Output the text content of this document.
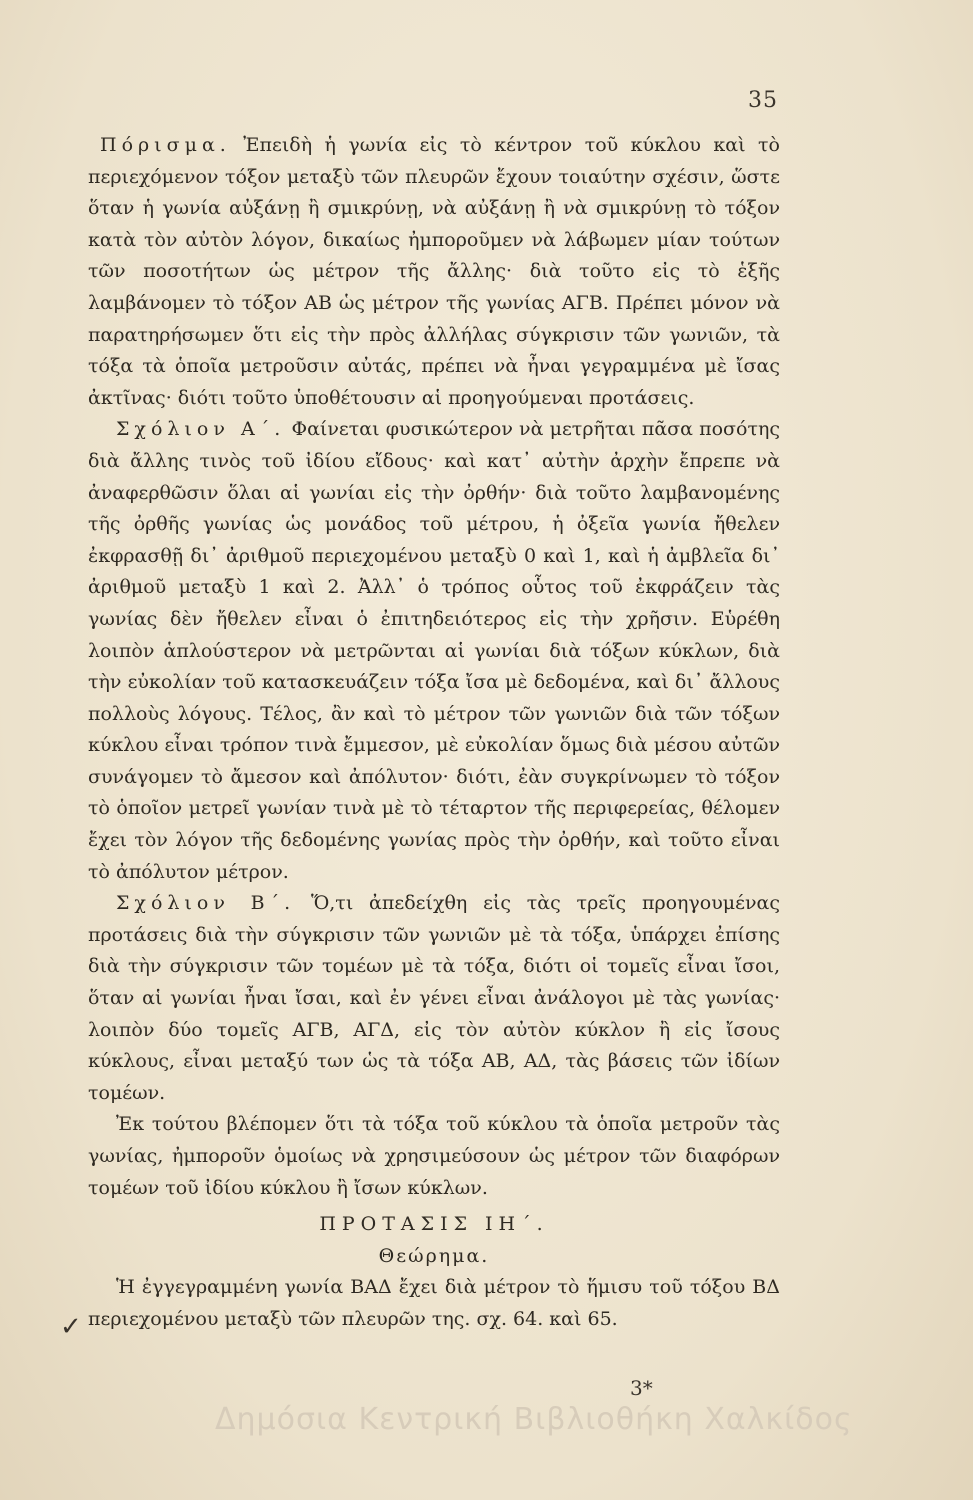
35

Πόρισμα. Ἐπειδὴ ἡ γωνία εἰς τὸ κέντρον τοῦ κύκλου καὶ τὸ περιεχόμενον τόξον μεταξὺ τῶν πλευρῶν ἔχουν τοιαύτην σχέσιν, ὥστε ὅταν ἡ γωνία αὐξάνῃ ἢ σμικρύνῃ, νὰ αὐξάνῃ ἢ νὰ σμικρύνῃ τὸ τόξον κατὰ τὸν αὐτὸν λόγον, δικαίως ἠμποροῦμεν νὰ λάβωμεν μίαν τούτων τῶν ποσοτήτων ὡς μέτρον τῆς ἄλλης· διὰ τοῦτο εἰς τὸ ἑξῆς λαμβάνομεν τὸ τόξον ΑΒ ὡς μέτρον τῆς γωνίας ΑΓΒ. Πρέπει μόνον νὰ παρατηρήσωμεν ὅτι εἰς τὴν πρὸς ἀλλήλας σύγκρισιν τῶν γωνιῶν, τὰ τόξα τὰ ὁποῖα μετροῦσιν αὐτάς, πρέπει νὰ ἦναι γεγραμμένα μὲ ἴσας ἀκτῖνας· διότι τοῦτο ὑποθέτουσιν αἱ προηγούμεναι προτάσεις.

Σχόλιον Α΄. Φαίνεται φυσικώτερον νὰ μετρῆται πᾶσα ποσότης διὰ ἄλλης τινὸς τοῦ ἰδίου εἴδους· καὶ κατ᾽ αὐτὴν ἀρχὴν ἔπρεπε νὰ ἀναφερθῶσιν ὅλαι αἱ γωνίαι εἰς τὴν ὀρθήν· διὰ τοῦτο λαμβανομένης τῆς ὀρθῆς γωνίας ὡς μονάδος τοῦ μέτρου, ἡ ὀξεῖα γωνία ἤθελεν ἐκφρασθῇ δι᾽ ἀριθμοῦ περιεχομένου μεταξὺ 0 καὶ 1, καὶ ἡ ἀμβλεῖα δι᾽ ἀριθμοῦ μεταξὺ 1 καὶ 2. Ἀλλ᾽ ὁ τρόπος οὗτος τοῦ ἐκφράζειν τὰς γωνίας δὲν ἤθελεν εἶναι ὁ ἐπιτηδειότερος εἰς τὴν χρῆσιν. Εὑρέθη λοιπὸν ἁπλούστερον νὰ μετρῶνται αἱ γωνίαι διὰ τόξων κύκλων, διὰ τὴν εὐκολίαν τοῦ κατασκευάζειν τόξα ἴσα μὲ δεδομένα, καὶ δι᾽ ἄλλους πολλοὺς λόγους. Τέλος, ἂν καὶ τὸ μέτρον τῶν γωνιῶν διὰ τῶν τόξων κύκλου εἶναι τρόπον τινὰ ἔμμεσον, μὲ εὐκολίαν ὅμως διὰ μέσου αὐτῶν συνάγομεν τὸ ἄμεσον καὶ ἀπόλυτον· διότι, ἐὰν συγκρίνωμεν τὸ τόξον τὸ ὁποῖον μετρεῖ γωνίαν τινὰ μὲ τὸ τέταρτον τῆς περιφερείας, θέλομεν ἔχει τὸν λόγον τῆς δεδομένης γωνίας πρὸς τὴν ὀρθήν, καὶ τοῦτο εἶναι τὸ ἀπόλυτον μέτρον.

Σχόλιον Β΄. Ὅ,τι ἀπεδείχθη εἰς τὰς τρεῖς προηγουμένας προτάσεις διὰ τὴν σύγκρισιν τῶν γωνιῶν μὲ τὰ τόξα, ὑπάρχει ἐπίσης διὰ τὴν σύγκρισιν τῶν τομέων μὲ τὰ τόξα, διότι οἱ τομεῖς εἶναι ἴσοι, ὅταν αἱ γωνίαι ἦναι ἴσαι, καὶ ἐν γένει εἶναι ἀνάλογοι μὲ τὰς γωνίας· λοιπὸν δύο τομεῖς ΑΓΒ, ΑΓΔ, εἰς τὸν αὐτὸν κύκλον ἢ εἰς ἴσους κύκλους, εἶναι μεταξύ των ὡς τὰ τόξα ΑΒ, ΑΔ, τὰς βάσεις τῶν ἰδίων τομέων.

Ἐκ τούτου βλέπομεν ὅτι τὰ τόξα τοῦ κύκλου τὰ ὁποῖα μετροῦν τὰς γωνίας, ἠμποροῦν ὁμοίως νὰ χρησιμεύσουν ὡς μέτρον τῶν διαφόρων τομέων τοῦ ἰδίου κύκλου ἢ ἴσων κύκλων.

ΠΡΟΤΑΣΙΣ ΙΗ΄.
Θεώρημα.

Ἡ ἐγγεγραμμένη γωνία ΒΑΔ ἔχει διὰ μέτρον τὸ ἥμισυ τοῦ τόξου ΒΔ περιεχομένου μεταξὺ τῶν πλευρῶν της. σχ. 64. καὶ 65.

✓
3*
Δημόσια Κεντρική Βιβλιοθήκη Χαλκίδος
